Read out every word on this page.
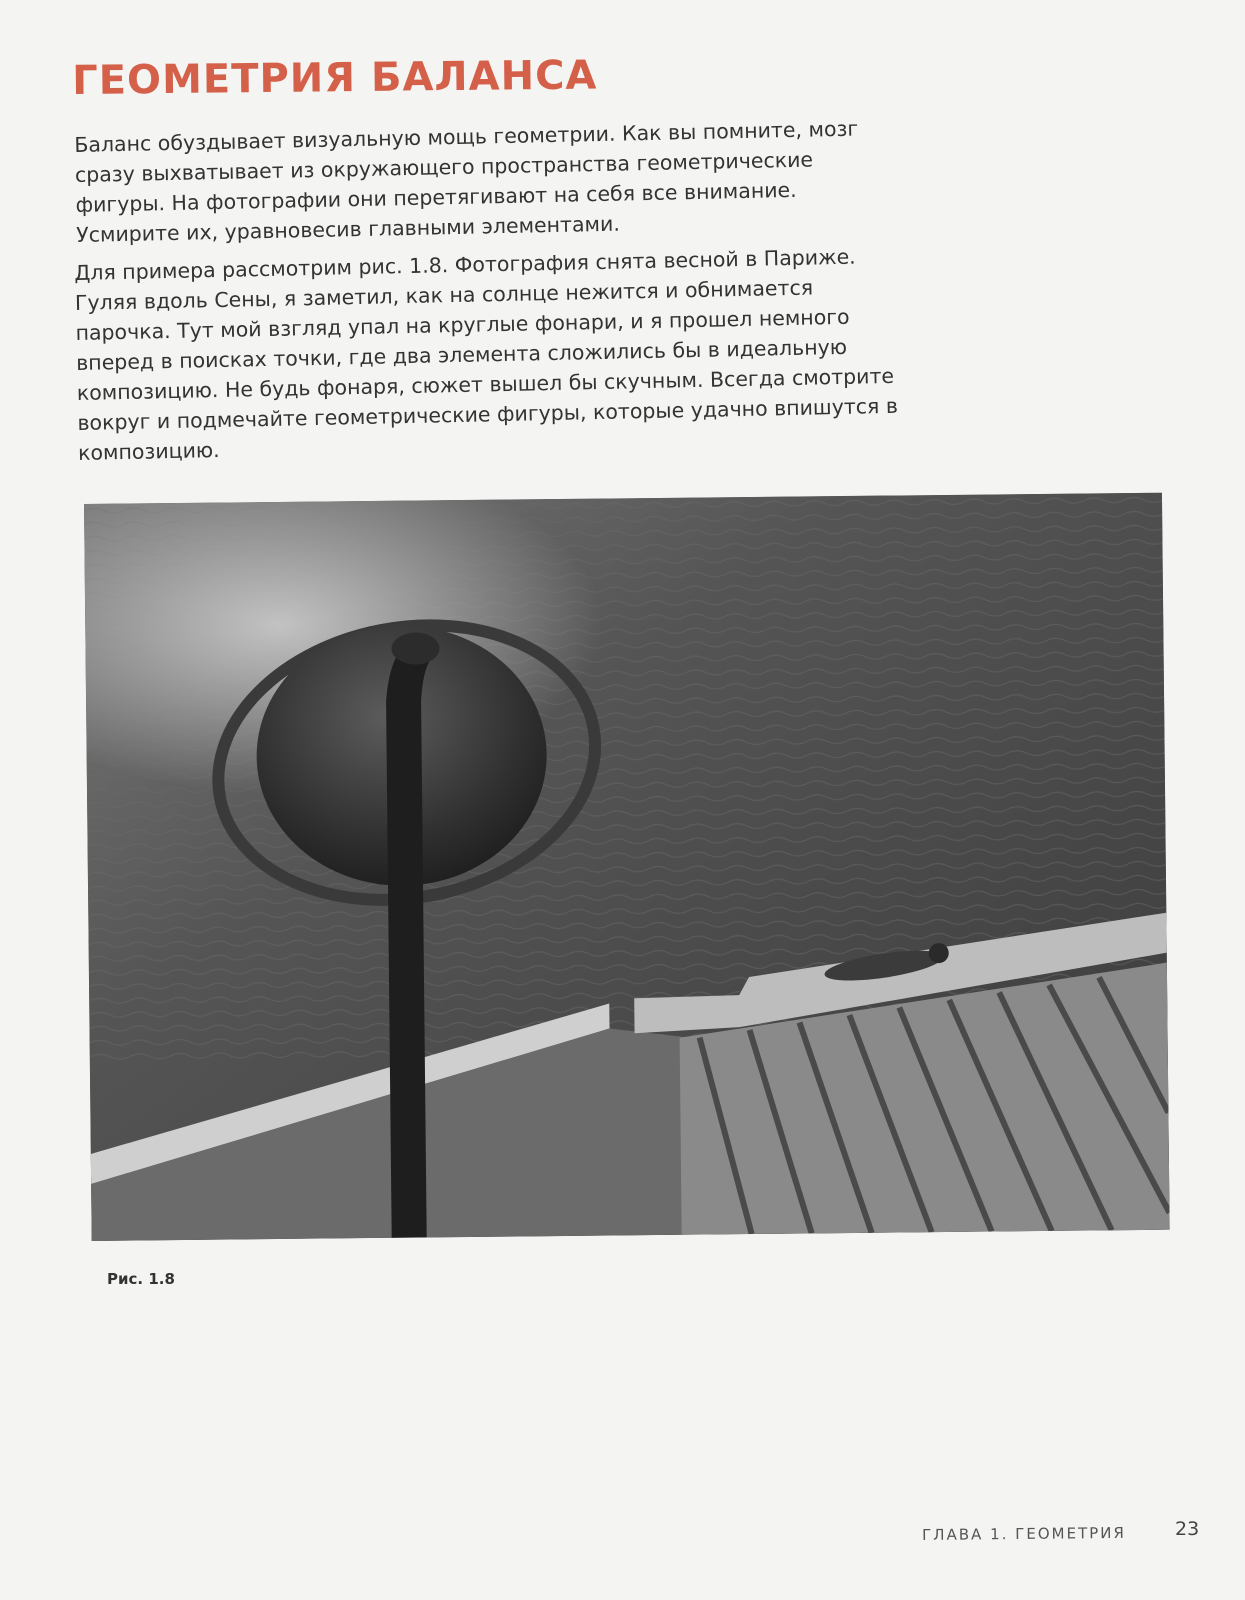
ГЕОМЕТРИЯ БАЛАНСА

Баланс обуздывает визуальную мощь геометрии. Как вы помните, мозг сразу выхватывает из окружающего пространства геометрические фигуры. На фотографии они перетягивают на себя все внимание. Усмирите их, уравновесив главными элементами.

Для примера рассмотрим рис. 1.8. Фотография снята весной в Париже. Гуляя вдоль Сены, я заметил, как на солнце нежится и обнимается парочка. Тут мой взгляд упал на круглые фонари, и я прошел немного вперед в поисках точки, где два элемента сложились бы в идеальную композицию. Не будь фонаря, сюжет вышел бы скучным. Всегда смотрите вокруг и подмечайте геометрические фигуры, которые удачно впишутся в композицию.

Рис. 1.8
ГЛАВА 1. ГЕОМЕТРИЯ	23
